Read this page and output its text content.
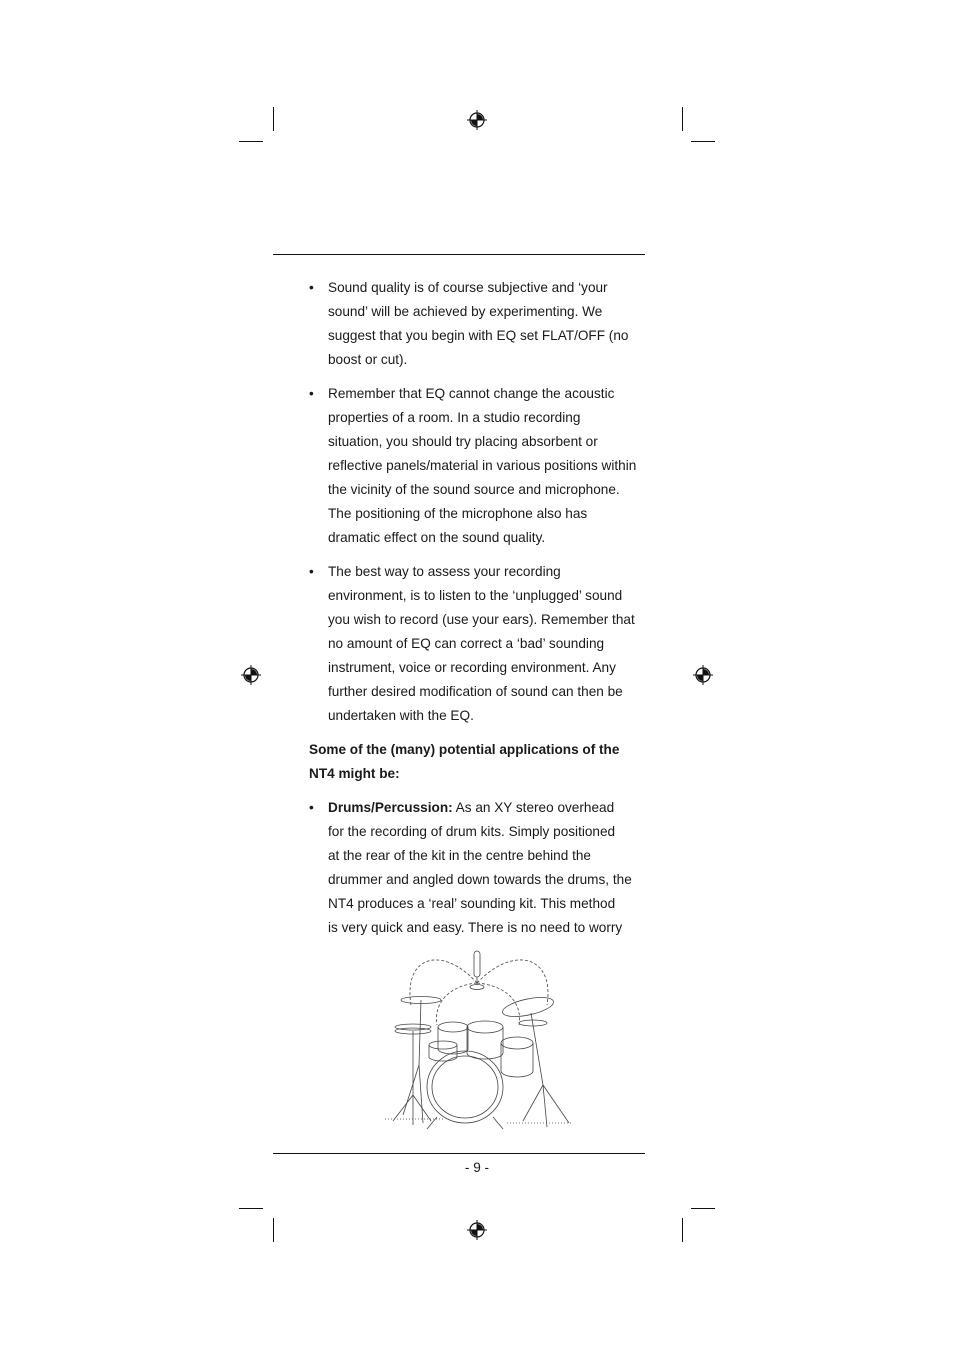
• Sound quality is of course subjective and ‘your
sound’ will be achieved by experimenting. We
suggest that you begin with EQ set FLAT/OFF (no
boost or cut).
• Remember that EQ cannot change the acoustic
properties of a room. In a studio recording
situation, you should try placing absorbent or
reflective panels/material in various positions within
the vicinity of the sound source and microphone.
The positioning of the microphone also has
dramatic effect on the sound quality.
• The best way to assess your recording
environment, is to listen to the ‘unplugged’ sound
you wish to record (use your ears). Remember that
no amount of EQ can correct a ‘bad’ sounding
instrument, voice or recording environment. Any
further desired modification of sound can then be
undertaken with the EQ.
Some of the (many) potential applications of the
NT4 might be:
• Drums/Percussion: As an XY stereo overhead
for the recording of drum kits. Simply positioned
at the rear of the kit in the centre behind the
drummer and angled down towards the drums, the
NT4 produces a ‘real’ sounding kit. This method
is very quick and easy. There is no need to worry
- 9 -
